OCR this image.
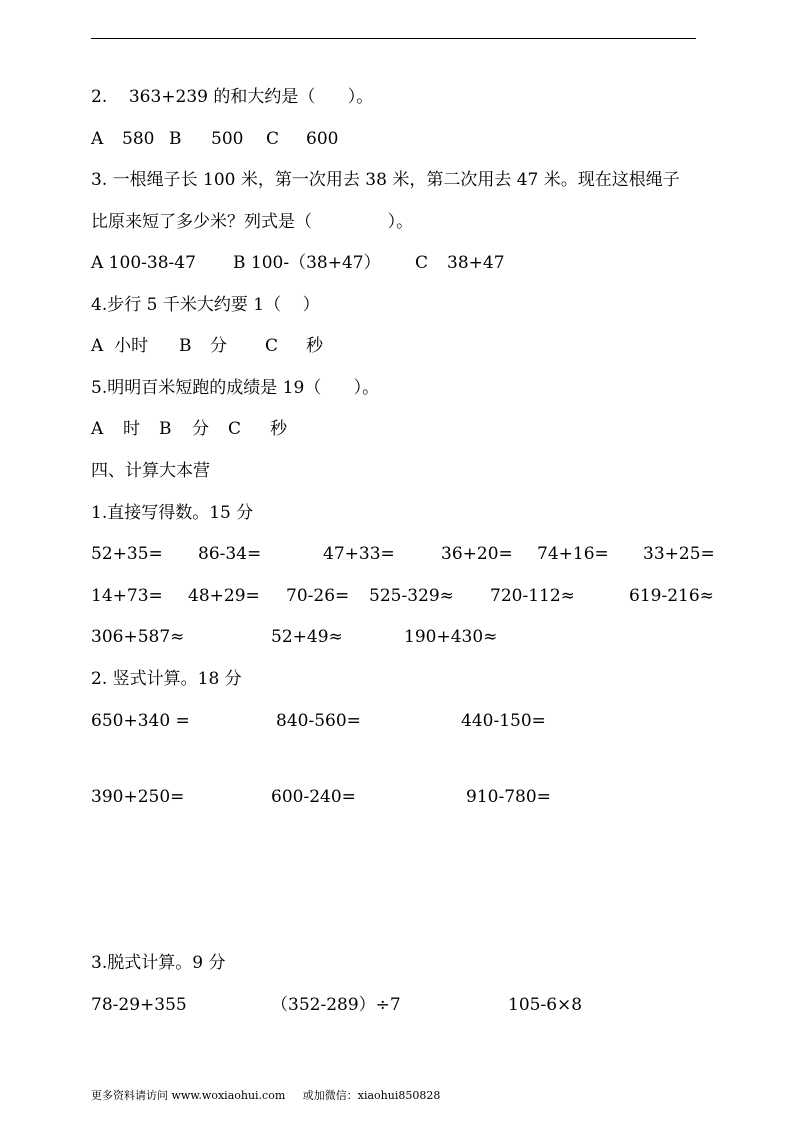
2.    363+239 的和大约是（      ）。
A 580 B 500 C 600
3. 一根绳子长 100 米，第一次用去 38 米，第二次用去 47 米。现在这根绳子
比原来短了多少米？列式是（              ）。
A 100-38-47 B 100-（38+47） C 38+47
4.步行 5 千米大约要 1（    ）
A  小时 B 分 C 秒
5.明明百米短跑的成绩是 19（      ）。
A 时 B 分 C 秒
四、计算大本营
1.直接写得数。15 分
52+35= 86-34=	47+33=	36+20= 74+16= 33+25=
14+73= 48+29= 70-26= 525-329≈ 720-112≈	619-216≈
306+587≈	52+49≈	190+430≈
2. 竖式计算。18 分
650+340 =	840-560=	440-150=
390+250=	600-240=	910-780=
3.脱式计算。9 分
78-29+355	（352-289）÷7	105-6×8
更多资料请访问 www.woxiaohui.com     或加微信：xiaohui850828
